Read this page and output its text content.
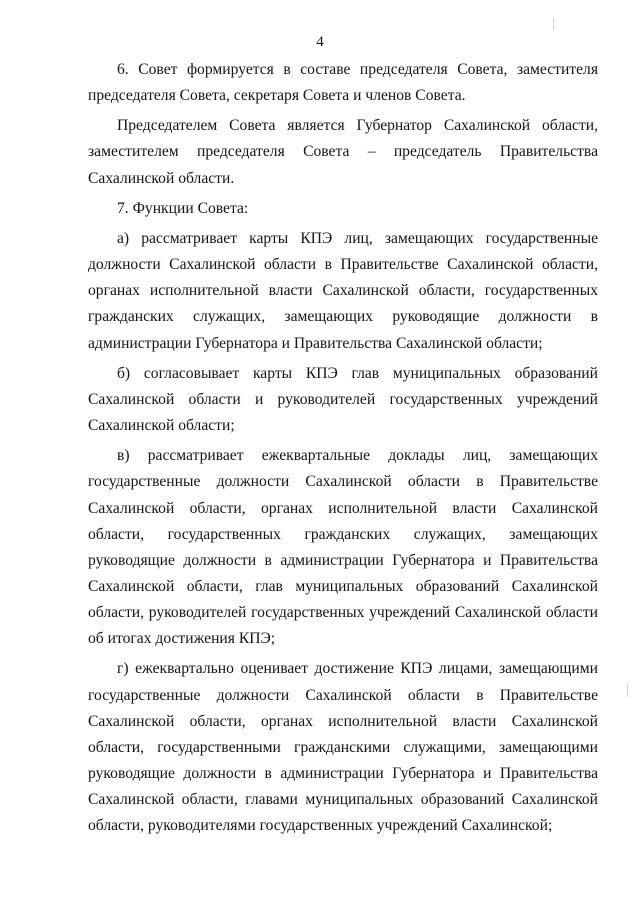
4

6. Совет формируется в составе председателя Совета, заместителя председателя Совета, секретаря Совета и членов Совета.

Председателем Совета является Губернатор Сахалинской области, заместителем председателя Совета – председатель Правительства Сахалинской области.

7. Функции Совета:

а) рассматривает карты КПЭ лиц, замещающих государственные должности Сахалинской области в Правительстве Сахалинской области, органах исполнительной власти Сахалинской области, государственных гражданских служащих, замещающих руководящие должности в администрации Губернатора и Правительства Сахалинской области;

б) согласовывает карты КПЭ глав муниципальных образований Сахалинской области и руководителей государственных учреждений Сахалинской области;

в) рассматривает ежеквартальные доклады лиц, замещающих государственные должности Сахалинской области в Правительстве Сахалинской области, органах исполнительной власти Сахалинской области, государственных гражданских служащих, замещающих руководящие должности в администрации Губернатора и Правительства Сахалинской области, глав муниципальных образований Сахалинской области, руководителей государственных учреждений Сахалинской области об итогах достижения КПЭ;

г) ежеквартально оценивает достижение КПЭ лицами, замещающими государственные должности Сахалинской области в Правительстве Сахалинской области, органах исполнительной власти Сахалинской области, государственными гражданскими служащими, замещающими руководящие должности в администрации Губернатора и Правительства Сахалинской области, главами муниципальных образований Сахалинской области, руководителями государственных учреждений Сахалинской;
